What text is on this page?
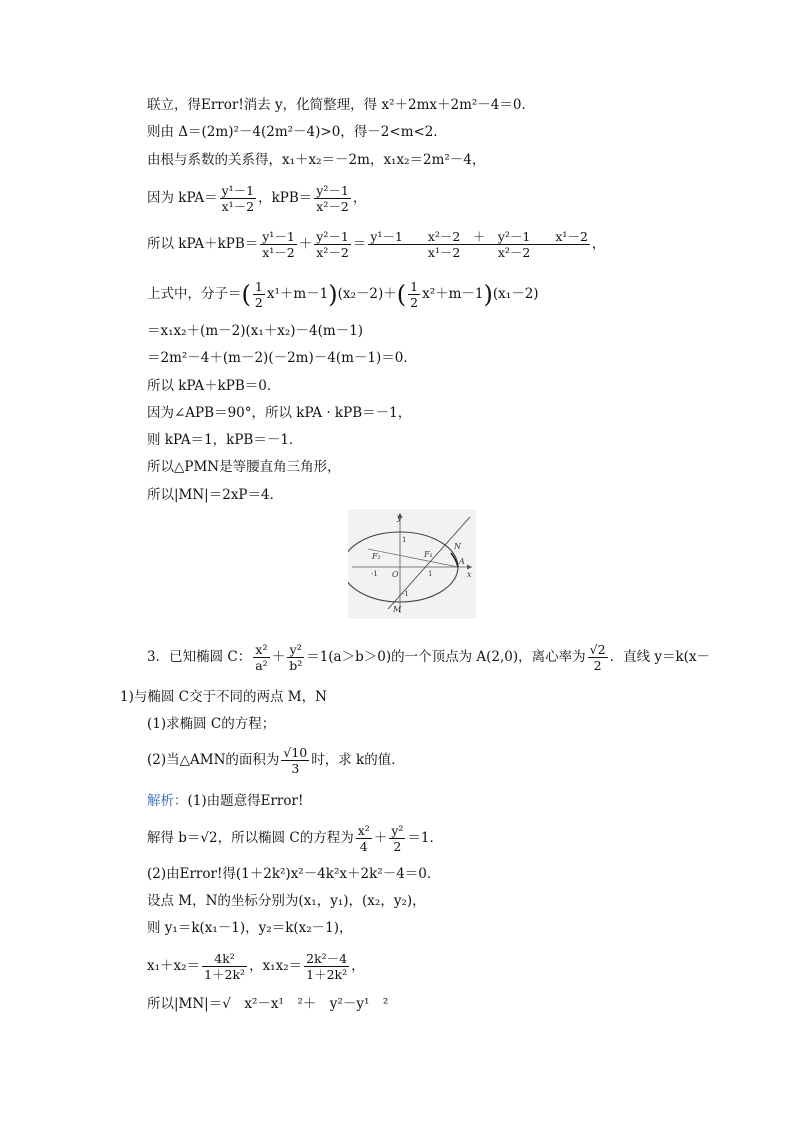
联立，得Error!消去 y，化简整理，得 x²＋2mx＋2m²－4＝0．
则由 Δ＝(2m)²－4(2m²－4)>0，得－2<m<2．
由根与系数的关系得，x₁＋x₂＝－2m，x₁x₂＝2m²－4，
因为 $kPA= \frac{\text{y¹－1}}{\text{x¹－2}}$ ，$kPB= \frac{\text{y²－1}}{\text{x²－2}}$ ，
所以 $kPA+kPB= \frac{\text{y¹－1}}{\text{x¹－2}} + \frac{\text{y²－1}}{\text{x²－2}} = \frac{\text{y¹－1　　x²－2　＋　y²－1　　x¹－2}}{\text{x¹－2　　　x²－2}}$ ，
上式中，分子＝( $\frac{1}{2} x^1+m-1)(x_2-2)+( \frac{1}{2} x^2+m-1)(x_1-2)$
＝x₁x₂＋(m－2)(x₁＋x₂)－4(m－1)
＝2m²－4＋(m－2)(－2m)－4(m－1)＝0．
所以 kPA＋kPB＝0．
因为∠APB＝90°，所以 kPA · kPB＝－1，
则 kPA＝1，kPB＝－1．
所以△PMN是等腰直角三角形，
所以|MN|＝2xP＝4．
y
x
O
F₂	F₁
N
A
M
1
-1
1
-1
3．已知椭圆 C： $\frac{\text{x²}}{\text{a²}} + \frac{\text{y²}}{\text{b²}} =1(a>b>0)$的一个顶点为 A(2,0)，离心率为 $\frac{√2}{2}$ ．直线 y＝k(x－
1)与椭圆 C交于不同的两点 M，N
(1)求椭圆 C的方程；
(2)当△AMN的面积为 $\frac{√10}{3}$ 时，求 k的值．
解析：(1)由题意得Error!
解得 b＝√2，所以椭圆 C的方程为 $\frac{\text{x²}}{4} + \frac{\text{y²}}{2} =1$．
(2)由Error!得(1＋2k²)x²－4k²x＋2k²－4＝0．
设点 M，N的坐标分别为(x₁，y₁)，(x₂，y₂)，
则 y₁＝k(x₁－1)，y₂＝k(x₂－1)，
$x_1+x_2= \frac{\text{4k²}}{\text{1＋2k²}}$ ，$x_1x_2= \frac{\text{2k²－4}}{\text{1＋2k²}}$ ，
所以|MN|＝√　x²－x¹　²＋　y²－y¹　²
